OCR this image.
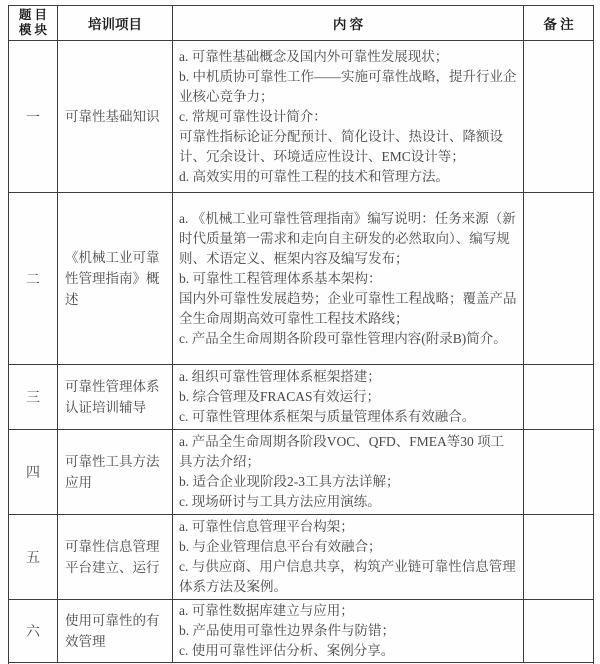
题 目
模 块	培训项目	内 容	备 注
一	可靠性基础知识	a. 可靠性基础概念及国内外可靠性发展现状；

b. 中机质协可靠性工作——实施可靠性战略，提升行业企业核心竞争力；

c. 常规可靠性设计简介：

可靠性指标论证分配预计、简化设计、热设计、降额设计、冗余设计、环境适应性设计、EMC设计等；

d. 高效实用的可靠性工程的技术和管理方法。	

二	《机械工业可靠性管理指南》概述	a. 《机械工业可靠性管理指南》编写说明：任务来源（新时代质量第一需求和走向自主研发的必然取向）、编写规则、术语定义、框架内容及编写发布；

b. 可靠性工程管理体系基本架构：

国内外可靠性发展趋势；企业可靠性工程战略；覆盖产品全生命周期高效可靠性工程技术路线；

c. 产品全生命周期各阶段可靠性管理内容(附录B)简介。	

三	可靠性管理体系认证培训辅导	a. 组织可靠性管理体系框架搭建；

b. 综合管理及FRACAS有效运行；

c. 可靠性管理体系框架与质量管理体系有效融合。	

四	可靠性工具方法应用	a. 产品全生命周期各阶段VOC、QFD、FMEA等30 项工具方法介绍；

b. 适合企业现阶段2-3工具方法详解；

c. 现场研讨与工具方法应用演练。	

五	可靠性信息管理平台建立、运行	a. 可靠性信息管理平台构架；

b. 与企业管理信息平台有效融合；

c. 与供应商、用户信息共享，构筑产业链可靠性信息管理体系方法及案例。	

六	使用可靠性的有效管理	a. 可靠性数据库建立与应用；

b. 产品使用可靠性边界条件与防错；

c. 使用可靠性评估分析、案例分享。	
